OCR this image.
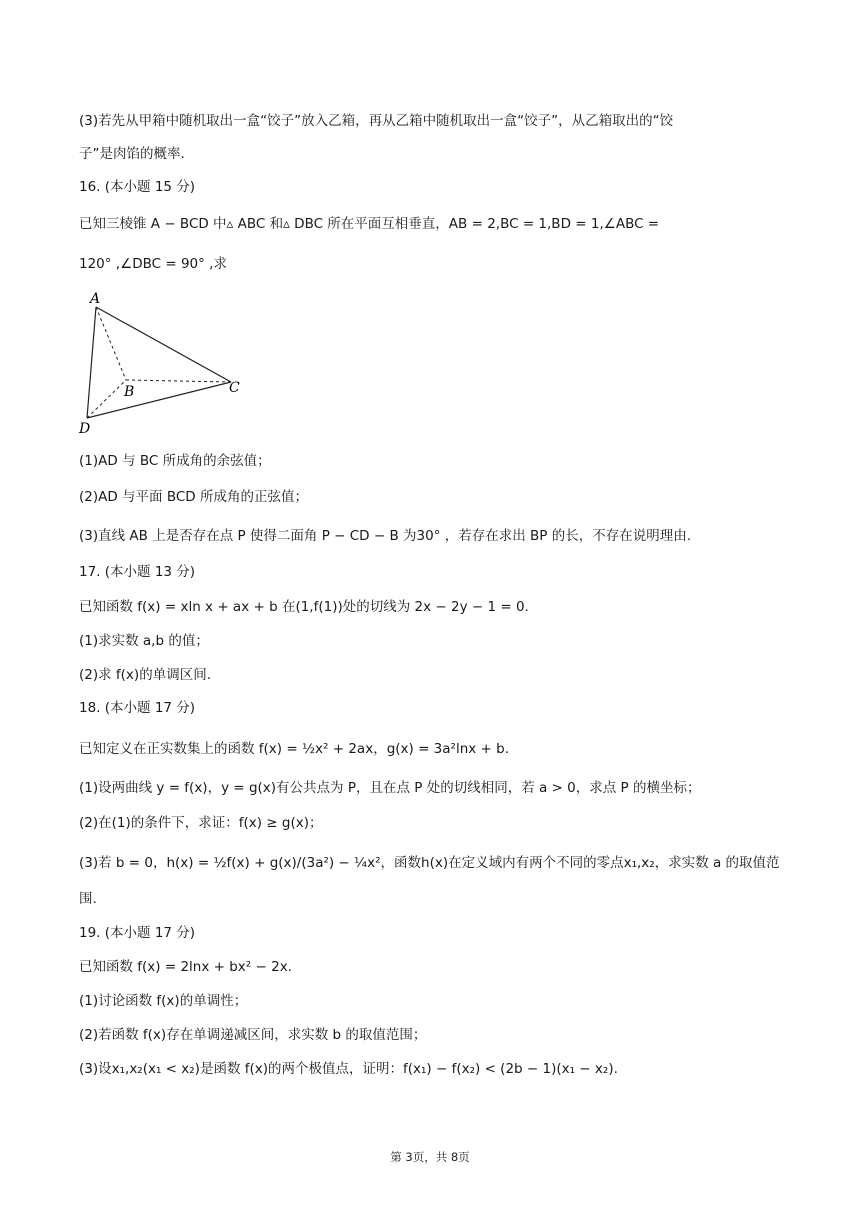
(3)若先从甲箱中随机取出一盒“饺子”放入乙箱，再从乙箱中随机取出一盒“饺子”，从乙箱取出的“饺
子”是肉馅的概率.
16. (本小题 15 分)
已知三棱锥 A − BCD 中▵ ABC 和▵ DBC 所在平面互相垂直，AB = 2,BC = 1,BD = 1,∠ABC =
120° ,∠DBC = 90° ,求
A
B	C
D
(1)AD 与 BC 所成角的余弦值；
(2)AD 与平面 BCD 所成角的正弦值；
(3)直线 AB 上是否存在点 P 使得二面角 P − CD − B 为30° ，若存在求出 BP 的长，不存在说明理由.
17. (本小题 13 分)
已知函数 f(x) = xln x + ax + b 在(1,f(1))处的切线为 2x − 2y − 1 = 0.
(1)求实数 a,b 的值；
(2)求 f(x)的单调区间.
18. (本小题 17 分)
已知定义在正实数集上的函数 f(x) = ½x² + 2ax，g(x) = 3a²lnx + b.
(1)设两曲线 y = f(x)，y = g(x)有公共点为 P，且在点 P 处的切线相同，若 a > 0，求点 P 的横坐标；
(2)在(1)的条件下，求证：f(x) ≥ g(x)；
(3)若 b = 0，h(x) = ½f(x) + g(x)/(3a²) − ¼x²，函数h(x)在定义域内有两个不同的零点x₁,x₂，求实数 a 的取值范
围.
19. (本小题 17 分)
已知函数 f(x) = 2lnx + bx² − 2x.
(1)讨论函数 f(x)的单调性；
(2)若函数 f(x)存在单调递减区间，求实数 b 的取值范围；
(3)设x₁,x₂(x₁ < x₂)是函数 f(x)的两个极值点，证明：f(x₁) − f(x₂) < (2b − 1)(x₁ − x₂).
第 3页，共 8页
